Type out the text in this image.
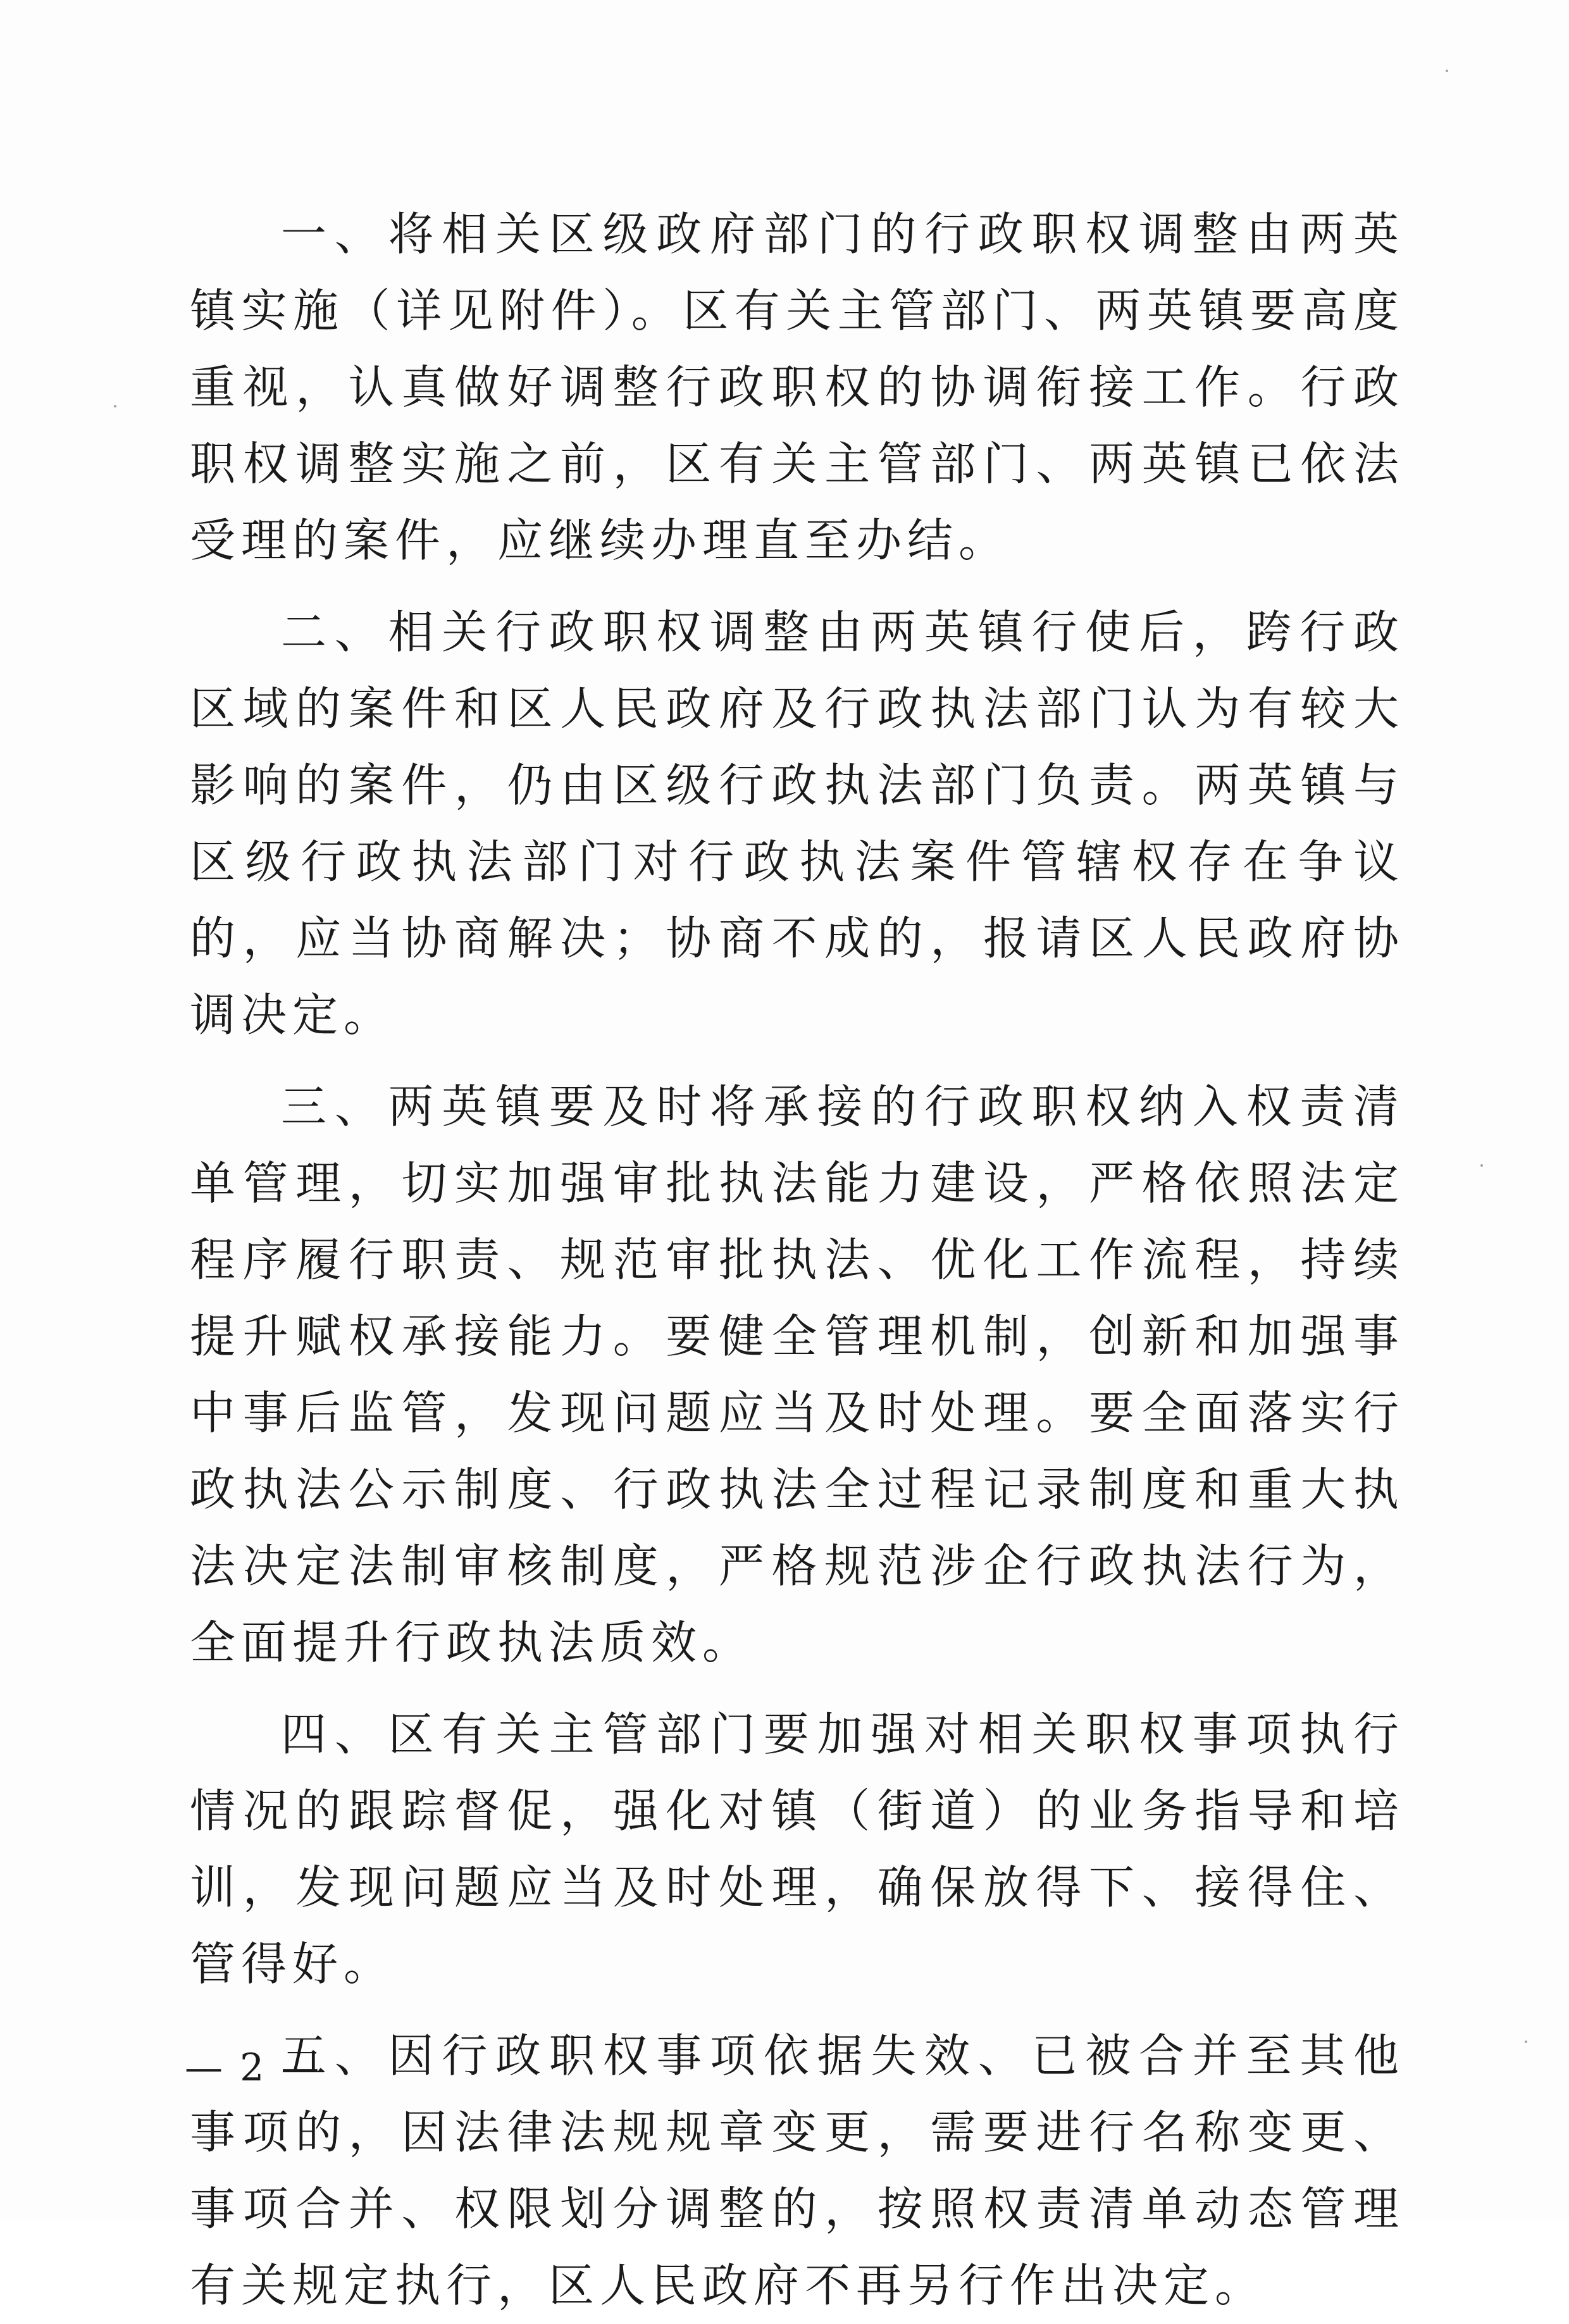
一、将相关区级政府部门的行政职权调整由两英镇实施（详见附件）。区有关主管部门、两英镇要高度重视，认真做好调整行政职权的协调衔接工作。行政职权调整实施之前，区有关主管部门、两英镇已依法受理的案件，应继续办理直至办结。

二、相关行政职权调整由两英镇行使后，跨行政区域的案件和区人民政府及行政执法部门认为有较大影响的案件，仍由区级行政执法部门负责。两英镇与区级行政执法部门对行政执法案件管辖权存在争议的，应当协商解决；协商不成的，报请区人民政府协调决定。

三、两英镇要及时将承接的行政职权纳入权责清单管理，切实加强审批执法能力建设，严格依照法定程序履行职责、规范审批执法、优化工作流程，持续提升赋权承接能力。要健全管理机制，创新和加强事中事后监管，发现问题应当及时处理。要全面落实行政执法公示制度、行政执法全过程记录制度和重大执法决定法制审核制度，严格规范涉企行政执法行为，全面提升行政执法质效。

四、区有关主管部门要加强对相关职权事项执行情况的跟踪督促，强化对镇（街道）的业务指导和培训，发现问题应当及时处理，确保放得下、接得住、管得好。

五、因行政职权事项依据失效、已被合并至其他事项的，因法律法规规章变更，需要进行名称变更、事项合并、权限划分调整的，按照权责清单动态管理有关规定执行，区人民政府不再另行作出决定。

— 2 —
